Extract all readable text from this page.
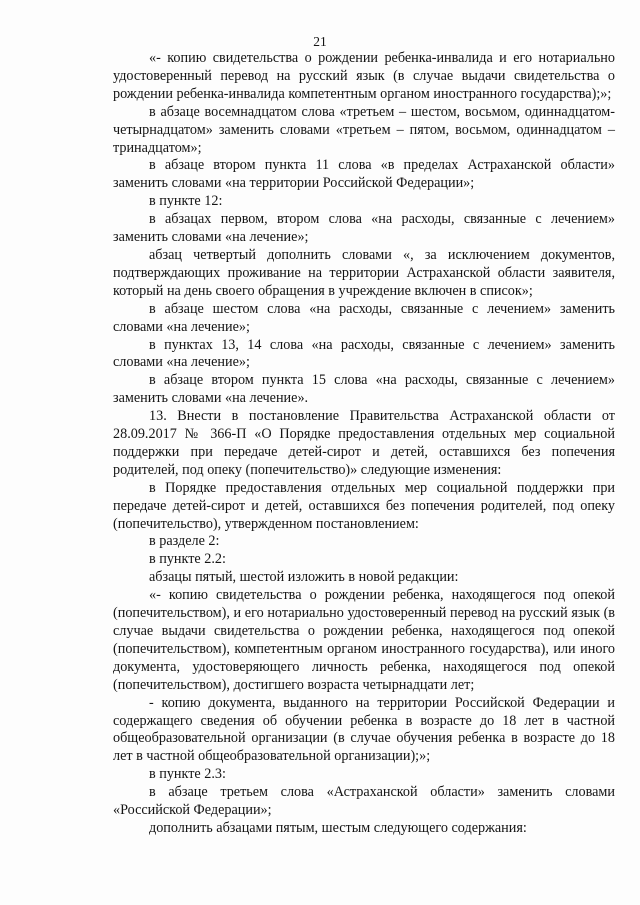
21

«- копию свидетельства о рождении ребенка-инвалида и его нотариально удостоверенный перевод на русский язык (в случае выдачи свидетельства о рождении ребенка-инвалида компетентным органом иностранного государства);»;

в абзаце восемнадцатом слова «третьем – шестом, восьмом, одиннадцатом-четырнадцатом» заменить словами «третьем – пятом, восьмом, одиннадцатом – тринадцатом»;

в абзаце втором пункта 11 слова «в пределах Астраханской области» заменить словами «на территории Российской Федерации»;

в пункте 12:

в абзацах первом, втором слова «на расходы, связанные с лечением» заменить словами «на лечение»;

абзац четвертый дополнить словами «, за исключением документов, подтверждающих проживание на территории Астраханской области заявителя, который на день своего обращения в учреждение включен в список»;

в абзаце шестом слова «на расходы, связанные с лечением» заменить словами «на лечение»;

в пунктах 13, 14 слова «на расходы, связанные с лечением» заменить словами «на лечение»;

в абзаце втором пункта 15 слова «на расходы, связанные с лечением» заменить словами «на лечение».

13. Внести в постановление Правительства Астраханской области от 28.09.2017 № 366-П «О Порядке предоставления отдельных мер социальной поддержки при передаче детей-сирот и детей, оставшихся без попечения родителей, под опеку (попечительство)» следующие изменения:

в Порядке предоставления отдельных мер социальной поддержки при передаче детей-сирот и детей, оставшихся без попечения родителей, под опеку (попечительство), утвержденном постановлением:

в разделе 2:

в пункте 2.2:

абзацы пятый, шестой изложить в новой редакции:

«- копию свидетельства о рождении ребенка, находящегося под опекой (попечительством), и его нотариально удостоверенный перевод на русский язык (в случае выдачи свидетельства о рождении ребенка, находящегося под опекой (попечительством), компетентным органом иностранного государства), или иного документа, удостоверяющего личность ребенка, находящегося под опекой (попечительством), достигшего возраста четырнадцати лет;

- копию документа, выданного на территории Российской Федерации и содержащего сведения об обучении ребенка в возрасте до 18 лет в частной общеобразовательной организации (в случае обучения ребенка в возрасте до 18 лет в частной общеобразовательной организации);»;

в пункте 2.3:

в абзаце третьем слова «Астраханской области» заменить словами «Российской Федерации»;

дополнить абзацами пятым, шестым следующего содержания:
